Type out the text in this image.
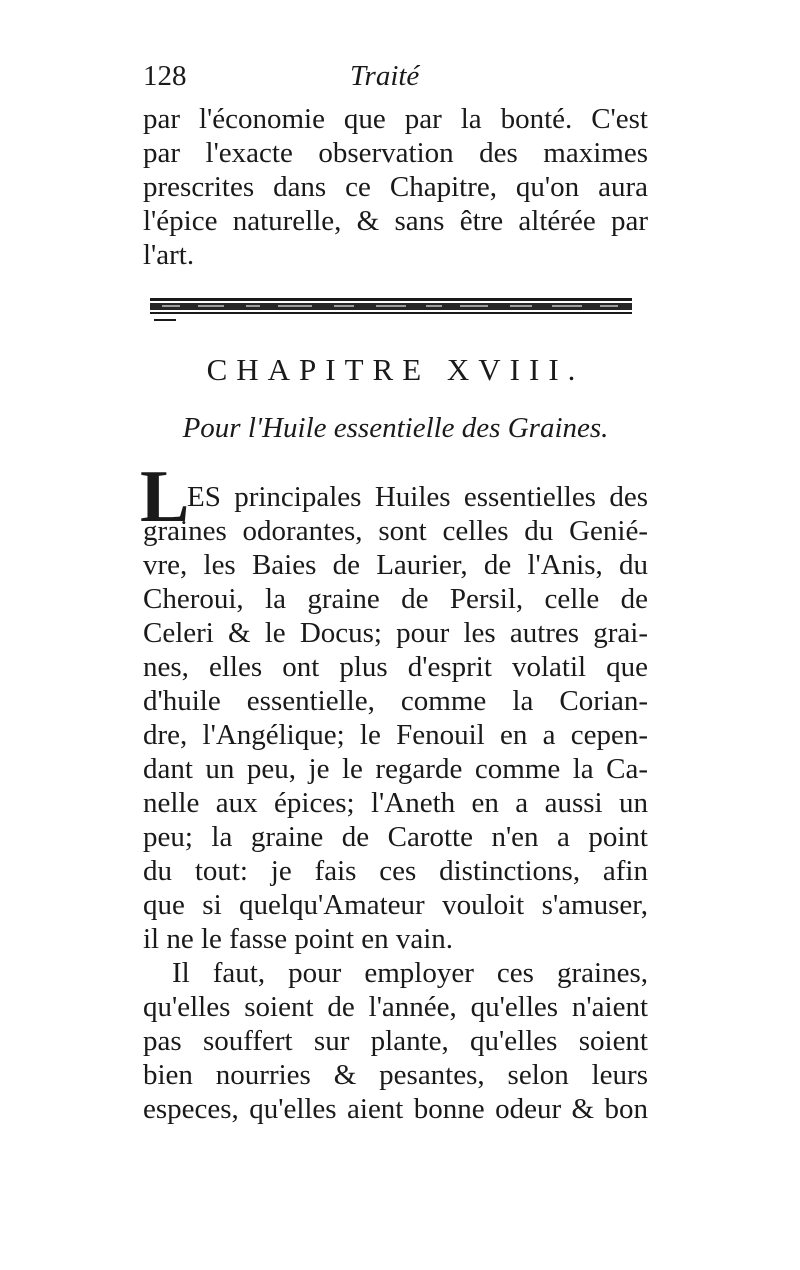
128	Traité
par l'économie que par la bonté. C'est
par l'exacte observation des maximes
prescrites dans ce Chapitre, qu'on aura
l'épice naturelle, & sans être altérée par
l'art.
CHAPITRE XVIII.
Pour l'Huile essentielle des Graines.
L
ES principales Huiles essentielles des
graines odorantes, sont celles du Genié-
vre, les Baies de Laurier, de l'Anis, du
Cheroui, la graine de Persil, celle de
Celeri & le Docus; pour les autres grai-
nes, elles ont plus d'esprit volatil que
d'huile essentielle, comme la Corian-
dre, l'Angélique; le Fenouil en a cepen-
dant un peu, je le regarde comme la Ca-
nelle aux épices; l'Aneth en a aussi un
peu; la graine de Carotte n'en a point
du tout: je fais ces distinctions, afin
que si quelqu'Amateur vouloit s'amuser,
il ne le fasse point en vain.
Il faut, pour employer ces graines,
qu'elles soient de l'année, qu'elles n'aient
pas souffert sur plante, qu'elles soient
bien nourries & pesantes, selon leurs
especes, qu'elles aient bonne odeur & bon
